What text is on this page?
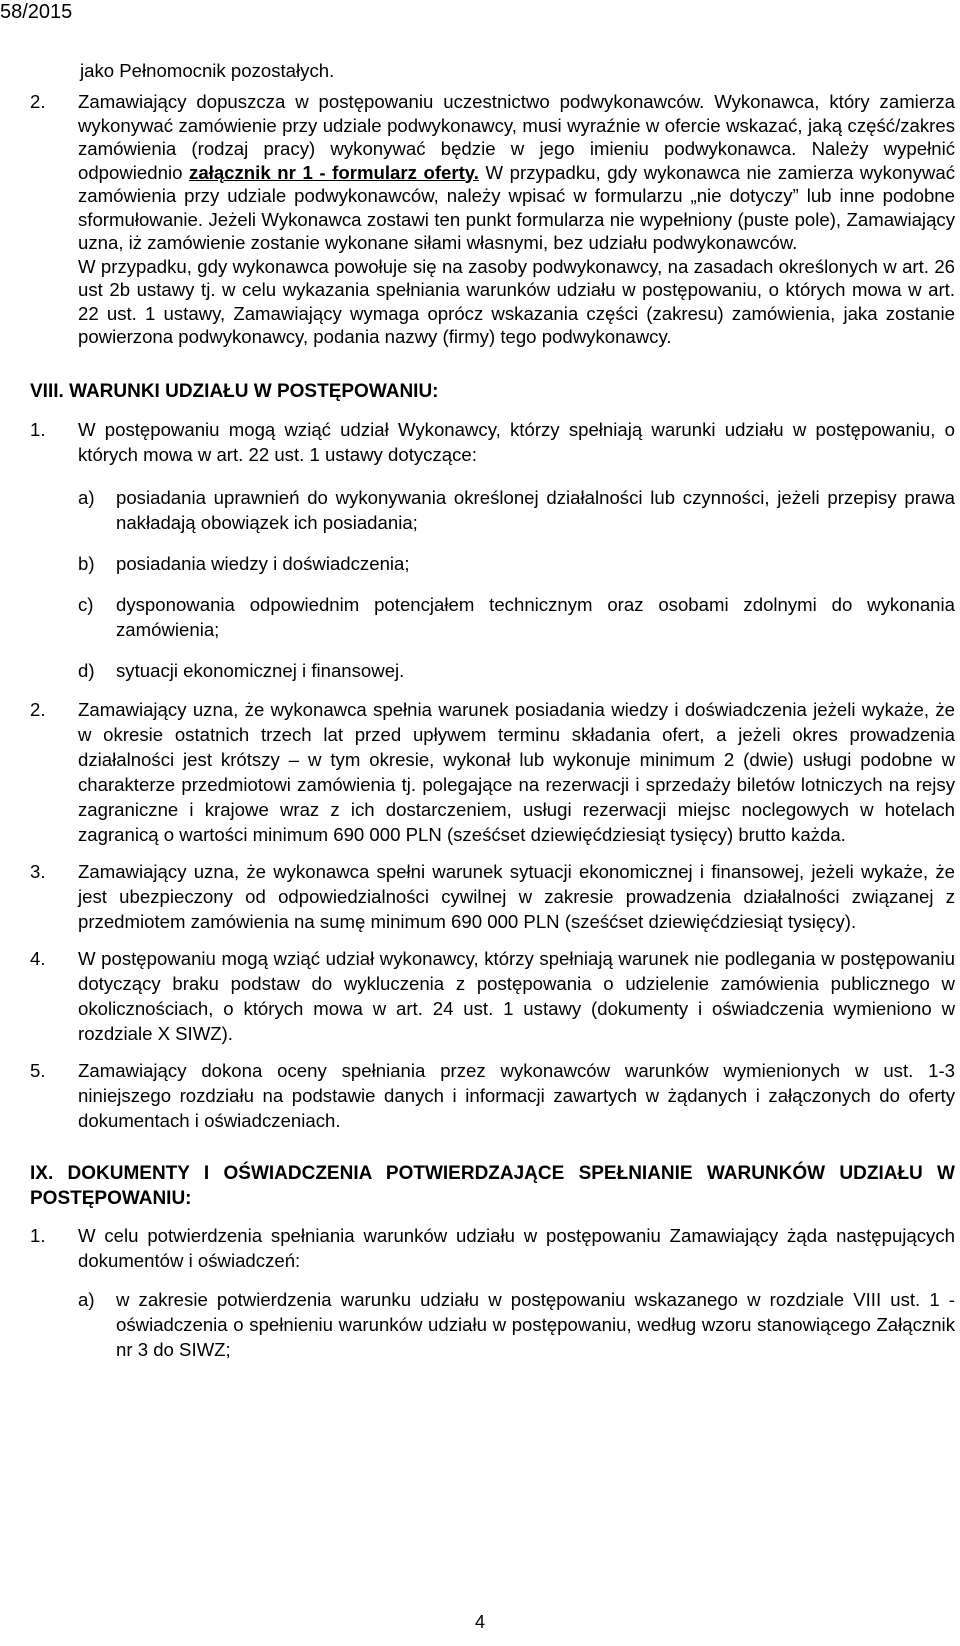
58/2015

jako Pełnomocnik pozostałych.

2.	Zamawiający dopuszcza w postępowaniu uczestnictwo podwykonawców. Wykonawca, który zamierza wykonywać zamówienie przy udziale podwykonawcy, musi wyraźnie w ofercie wskazać, jaką część/zakres zamówienia (rodzaj pracy) wykonywać będzie w jego imieniu podwykonawca. Należy wypełnić odpowiednio załącznik nr 1 - formularz oferty. W przypadku, gdy wykonawca nie zamierza wykonywać zamówienia przy udziale podwykonawców, należy wpisać w formularzu „nie dotyczy” lub inne podobne sformułowanie. Jeżeli Wykonawca zostawi ten punkt formularza nie wypełniony (puste pole), Zamawiający uzna, iż zamówienie zostanie wykonane siłami własnymi, bez udziału podwykonawców.

W przypadku, gdy wykonawca powołuje się na zasoby podwykonawcy, na zasadach określonych w art. 26 ust 2b ustawy tj. w celu wykazania spełniania warunków udziału w postępowaniu, o których mowa w art. 22 ust. 1 ustawy, Zamawiający wymaga oprócz wskazania części (zakresu) zamówienia, jaka zostanie powierzona podwykonawcy, podania nazwy (firmy) tego podwykonawcy.

VIII. WARUNKI UDZIAŁU W POSTĘPOWANIU:

1.	W postępowaniu mogą wziąć udział Wykonawcy, którzy spełniają warunki udziału w postępowaniu, o których mowa w art. 22 ust. 1 ustawy dotyczące:
a)	posiadania uprawnień do wykonywania określonej działalności lub czynności, jeżeli przepisy prawa nakładają obowiązek ich posiadania;
b)	posiadania wiedzy i doświadczenia;
c)	dysponowania odpowiednim potencjałem technicznym oraz osobami zdolnymi do wykonania zamówienia;
d)	sytuacji ekonomicznej i finansowej.
2.	Zamawiający uzna, że wykonawca spełnia warunek posiadania wiedzy i doświadczenia jeżeli wykaże, że w okresie ostatnich trzech lat przed upływem terminu składania ofert, a jeżeli okres prowadzenia działalności jest krótszy – w tym okresie, wykonał lub wykonuje minimum 2 (dwie) usługi podobne w charakterze przedmiotowi zamówienia tj. polegające na rezerwacji i sprzedaży biletów lotniczych na rejsy zagraniczne i krajowe wraz z ich dostarczeniem, usługi rezerwacji miejsc noclegowych w hotelach zagranicą o wartości minimum 690 000 PLN (sześćset dziewięćdziesiąt tysięcy) brutto każda.
3.	Zamawiający uzna, że wykonawca spełni warunek sytuacji ekonomicznej i finansowej, jeżeli wykaże, że jest ubezpieczony od odpowiedzialności cywilnej w zakresie prowadzenia działalności związanej z przedmiotem zamówienia na sumę minimum 690 000 PLN (sześćset dziewięćdziesiąt tysięcy).
4.	W postępowaniu mogą wziąć udział wykonawcy, którzy spełniają warunek nie podlegania w postępowaniu dotyczący braku podstaw do wykluczenia z postępowania o udzielenie zamówienia publicznego w okolicznościach, o których mowa w art. 24 ust. 1 ustawy (dokumenty i oświadczenia wymieniono w rozdziale X SIWZ).
5.	Zamawiający dokona oceny spełniania przez wykonawców warunków wymienionych w ust. 1-3 niniejszego rozdziału na podstawie danych i informacji zawartych w żądanych i załączonych do oferty dokumentach i oświadczeniach.

IX. DOKUMENTY I OŚWIADCZENIA POTWIERDZAJĄCE SPEŁNIANIE WARUNKÓW UDZIAŁU W POSTĘPOWANIU:

1.	W celu potwierdzenia spełniania warunków udziału w postępowaniu Zamawiający żąda następujących dokumentów i oświadczeń:
a)	w zakresie potwierdzenia warunku udziału w postępowaniu wskazanego w rozdziale VIII ust. 1 - oświadczenia o spełnieniu warunków udziału w postępowaniu, według wzoru stanowiącego Załącznik nr 3 do SIWZ;
4
